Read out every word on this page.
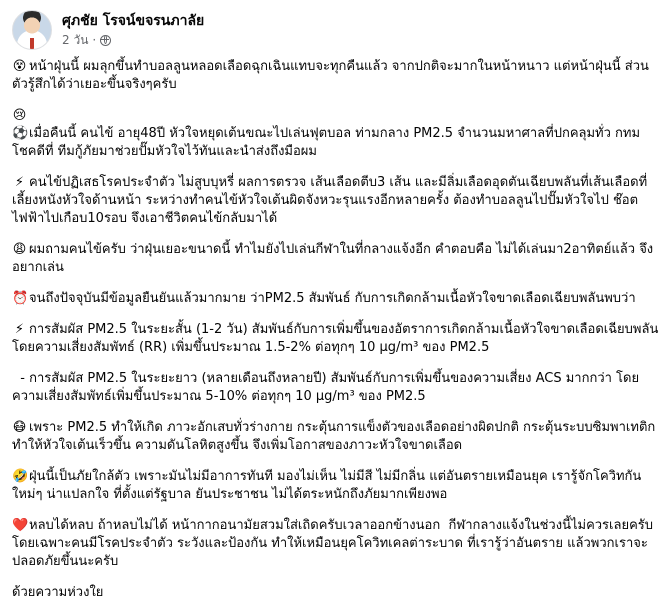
ศุภชัย โรจน์ขจรนภาลัย
2 วัน ·
😵 หน้าฝุ่นนี้ ผมลุกขึ้นทำบอลลูนหลอดเลือดฉุกเฉินแทบจะทุกคืนแล้ว จากปกติจะมากในหน้าหนาว แต่หน้าฝุ่นนี้ ส่วนตัวรู้สึกได้ว่าเยอะขึ้นจริงๆครับ
😢⚽เมื่อคืนนี้ คนไข้ อายุ48ปี หัวใจหยุดเต้นขณะไปเล่นฟุตบอล ท่ามกลาง PM2.5 จำนวนมหาศาลที่ปกคลุมทั่ว กทม โชคดีที่ ทีมกู้ภัยมาช่วยปั๊มหัวใจไว้ทันและนำส่งถึงมือผม
⚡ คนไข้ปฏิเสธโรคประจำตัว ไม่สูบบุหรี่ ผลการตรวจ เส้นเลือดตีบ3 เส้น และมีลิ่มเลือดอุดตันเฉียบพลันที่เส้นเลือดที่เลี้ยงหนังหัวใจด้านหน้า ระหว่างทำคนไข้หัวใจเต้นผิดจังหวะรุนแรงอีกหลายครั้ง ต้องทำบอลลูนไปปั๊มหัวใจไป ช๊อตไฟฟ้าไปเกือบ10รอบ จึงเอาชีวิตคนไข้กลับมาได้
😩 ผมถามคนไข้ครับ ว่าฝุ่นเยอะขนาดนี้ ทำไมยังไปเล่นกีฬาในที่กลางแจ้งอีก คำตอบคือ ไม่ได้เล่นมา2อาทิตย์แล้ว จึงอยากเล่น
⏰จนถึงปัจจุบันมีข้อมูลยืนยันแล้วมากมาย ว่าPM2.5 สัมพันธ์ กับการเกิดกล้ามเนื้อหัวใจขาดเลือดเฉียบพลันพบว่า
⚡ การสัมผัส PM2.5 ในระยะสั้น (1-2 วัน) สัมพันธ์กับการเพิ่มขึ้นของอัตราการเกิดกล้ามเนื้อหัวใจขาดเลือดเฉียบพลัน โดยความเสี่ยงสัมพัทธ์ (RR) เพิ่มขึ้นประมาณ 1.5-2% ต่อทุกๆ 10 μg/m³ ของ PM2.5
- การสัมผัส PM2.5 ในระยะยาว (หลายเดือนถึงหลายปี) สัมพันธ์กับการเพิ่มขึ้นของความเสี่ยง ACS มากกว่า โดยความเสี่ยงสัมพัทธ์เพิ่มขึ้นประมาณ 5-10% ต่อทุกๆ 10 μg/m³ ของ PM2.5
😷 เพราะ PM2.5 ทำให้เกิด ภาวะอักเสบทั่วร่างกาย กระตุ้นการแข็งตัวของเลือดอย่างผิดปกติ กระตุ้นระบบซิมพาเทติก  ทำให้หัวใจเต้นเร็วขึ้น ความดันโลหิตสูงขึ้น จึงเพิ่มโอกาสของภาวะหัวใจขาดเลือด
🤣ฝุ่นนี้เป็นภัยใกล้ตัว เพราะมันไม่มีอาการทันที มองไม่เห็น ไม่มีสี ไม่มีกลิ่น แต่อันตรายเหมือนยุค เรารู้จักโควิทกันใหม่ๆ น่าแปลกใจ ที่ตั้งแต่รัฐบาล ยันประชาชน ไม่ได้ตระหนักถึงภัยมากเพียงพอ
❤️หลบได้หลบ ถ้าหลบไม่ได้ หน้ากากอนามัยสวมใส่เถิดครับเวลาออกข้างนอก  กีฬากลางแจ้งในช่วงนี้ไม่ควรเลยครับ โดยเฉพาะคนมีโรคประจำตัว ระวังและป้องกัน ทำให้เหมือนยุคโควิทเคลต่าระบาด ที่เรารู้ว่าอันตราย แล้วพวกเราจะปลอดภัยขึ้นนะครับ
ด้วยความห่วงใย
